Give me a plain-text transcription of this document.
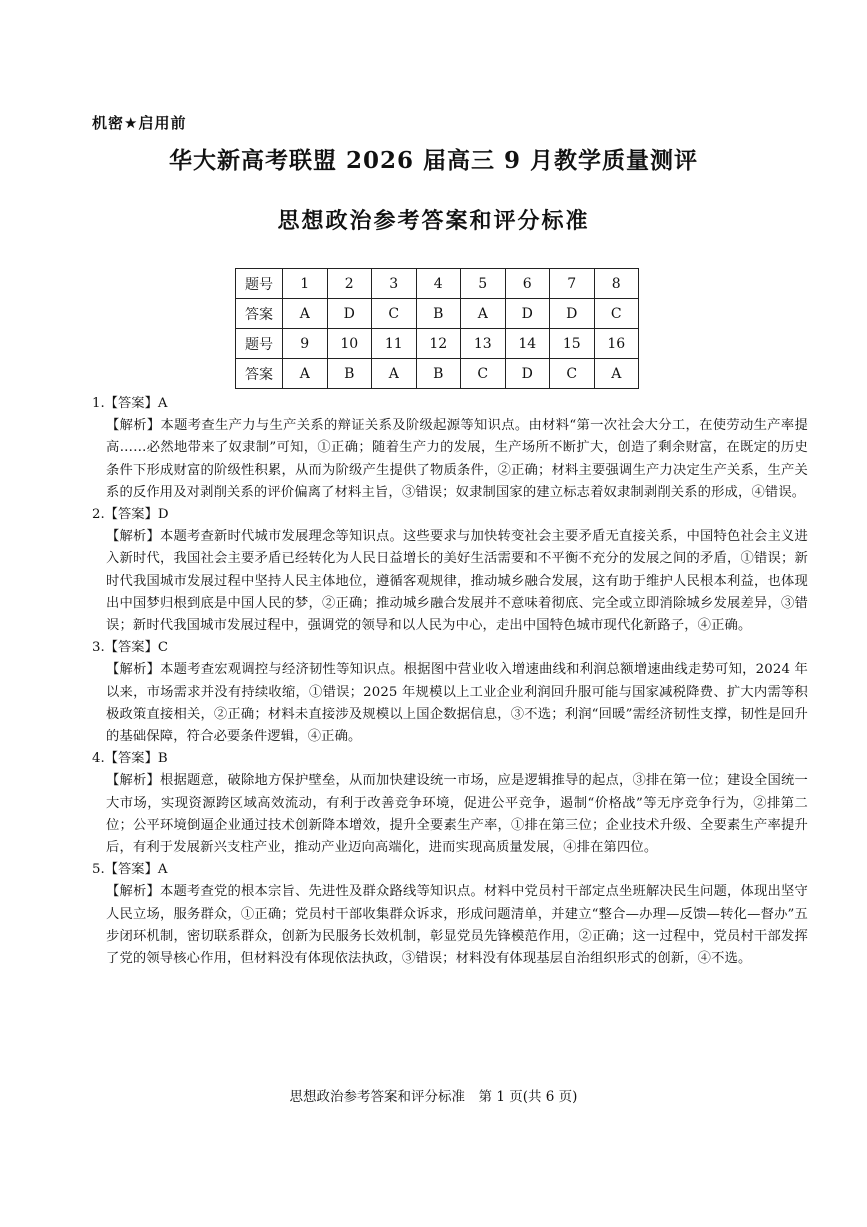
机密★启用前
华大新高考联盟 2026 届高三 9 月教学质量测评
思想政治参考答案和评分标准
题号	1	2	3	4	5	6	7	8
答案	A	D	C	B	A	D	D	C
题号	9	10	11	12	13	14	15	16
答案	A	B	A	B	C	D	C	A

1.【答案】A

【解析】本题考查生产力与生产关系的辩证关系及阶级起源等知识点。由材料“第一次社会大分工，在使劳动生产率提高……必然地带来了奴隶制”可知，①正确；随着生产力的发展，生产场所不断扩大，创造了剩余财富，在既定的历史条件下形成财富的阶级性积累，从而为阶级产生提供了物质条件，②正确；材料主要强调生产力决定生产关系，生产关系的反作用及对剥削关系的评价偏离了材料主旨，③错误；奴隶制国家的建立标志着奴隶制剥削关系的形成，④错误。

2.【答案】D

【解析】本题考查新时代城市发展理念等知识点。这些要求与加快转变社会主要矛盾无直接关系，中国特色社会主义进入新时代，我国社会主要矛盾已经转化为人民日益增长的美好生活需要和不平衡不充分的发展之间的矛盾，①错误；新时代我国城市发展过程中坚持人民主体地位，遵循客观规律，推动城乡融合发展，这有助于维护人民根本利益，也体现出中国梦归根到底是中国人民的梦，②正确；推动城乡融合发展并不意味着彻底、完全或立即消除城乡发展差异，③错误；新时代我国城市发展过程中，强调党的领导和以人民为中心，走出中国特色城市现代化新路子，④正确。

3.【答案】C

【解析】本题考查宏观调控与经济韧性等知识点。根据图中营业收入增速曲线和利润总额增速曲线走势可知，2024 年以来，市场需求并没有持续收缩，①错误；2025 年规模以上工业企业利润回升服可能与国家减税降费、扩大内需等积极政策直接相关，②正确；材料未直接涉及规模以上国企数据信息，③不选；利润“回暖”需经济韧性支撑，韧性是回升的基础保障，符合必要条件逻辑，④正确。

4.【答案】B

【解析】根据题意，破除地方保护壁垒，从而加快建设统一市场，应是逻辑推导的起点，③排在第一位；建设全国统一大市场，实现资源跨区域高效流动，有利于改善竞争环境，促进公平竞争，遏制“价格战”等无序竞争行为，②排第二位；公平环境倒逼企业通过技术创新降本增效，提升全要素生产率，①排在第三位；企业技术升级、全要素生产率提升后，有利于发展新兴支柱产业，推动产业迈向高端化，进而实现高质量发展，④排在第四位。

5.【答案】A

【解析】本题考查党的根本宗旨、先进性及群众路线等知识点。材料中党员村干部定点坐班解决民生问题，体现出坚守人民立场，服务群众，①正确；党员村干部收集群众诉求，形成问题清单，并建立“整合—办理—反馈—转化—督办”五步闭环机制，密切联系群众，创新为民服务长效机制，彰显党员先锋模范作用，②正确；这一过程中，党员村干部发挥了党的领导核心作用，但材料没有体现依法执政，③错误；材料没有体现基层自治组织形式的创新，④不选。

思想政治参考答案和评分标准　第 1 页(共 6 页)
